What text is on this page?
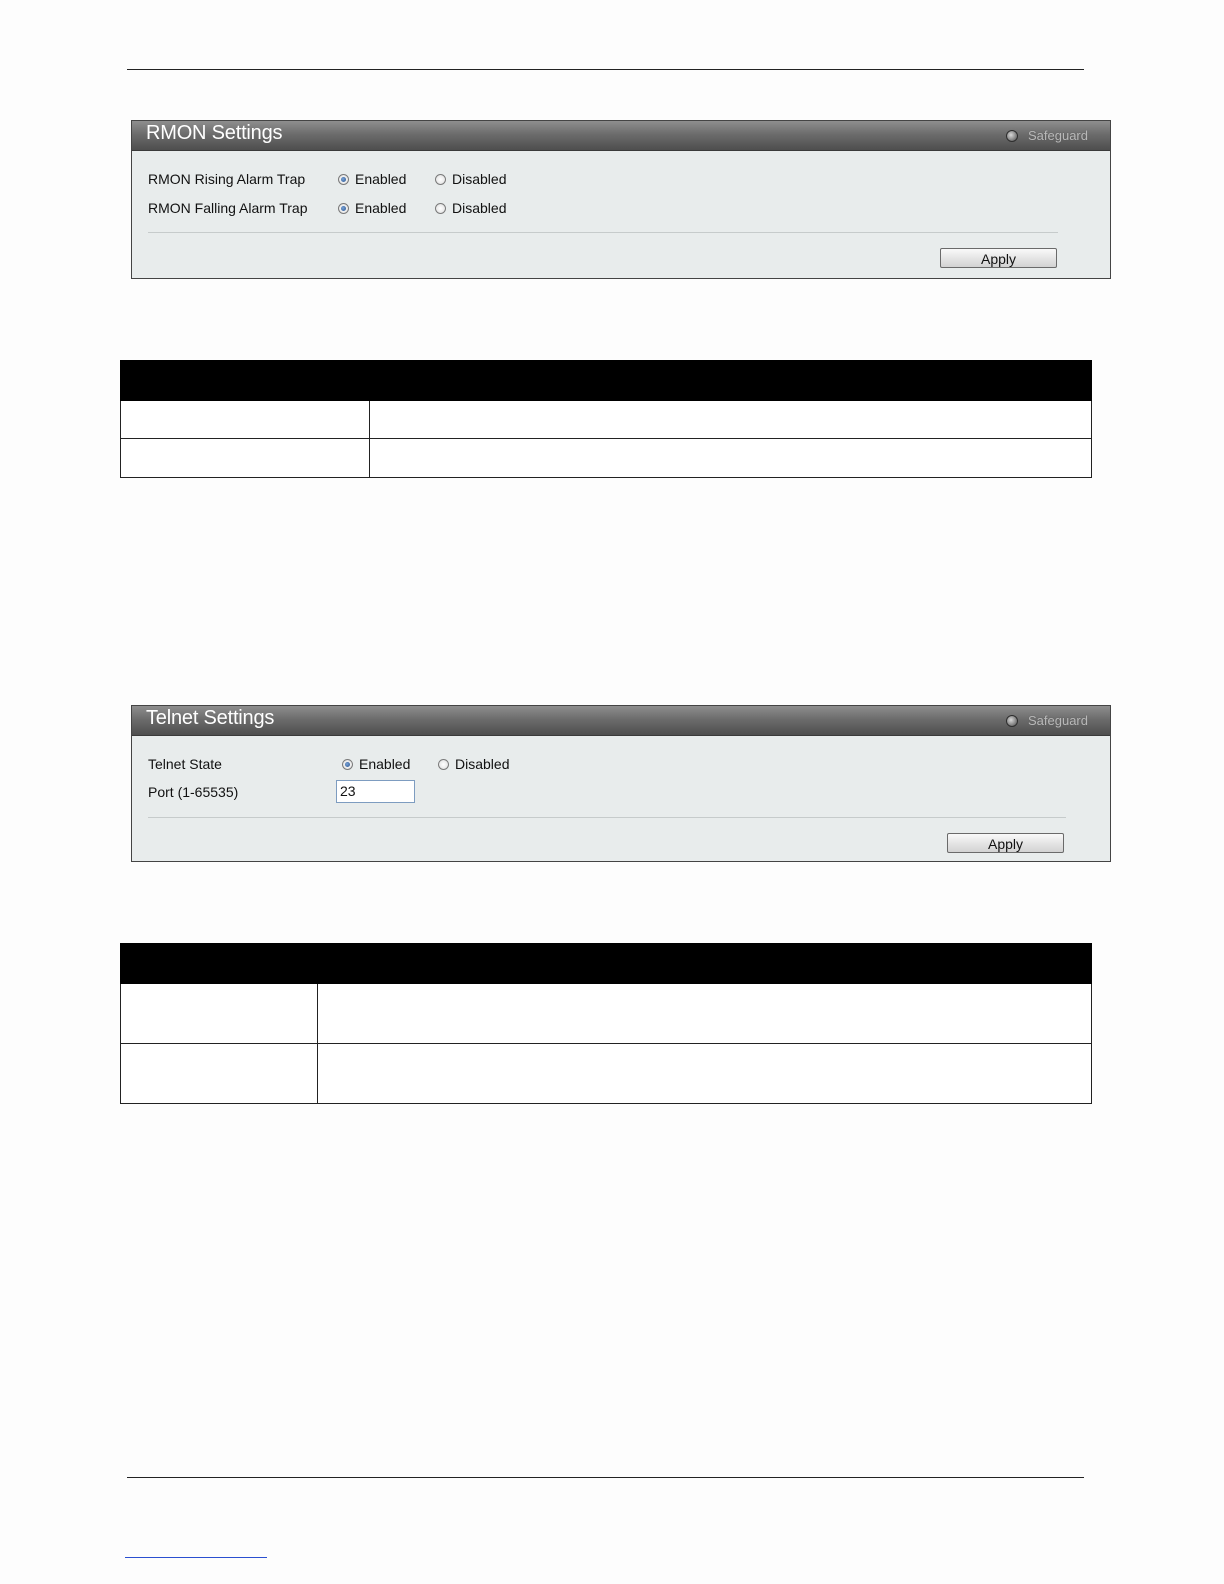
RMON Settings	Safeguard
RMON Rising Alarm Trap	Enabled	Disabled
RMON Falling Alarm Trap	Enabled	Disabled
Apply

Telnet Settings	Safeguard
Telnet State	Enabled	Disabled
Port (1-65535)	23
Apply
